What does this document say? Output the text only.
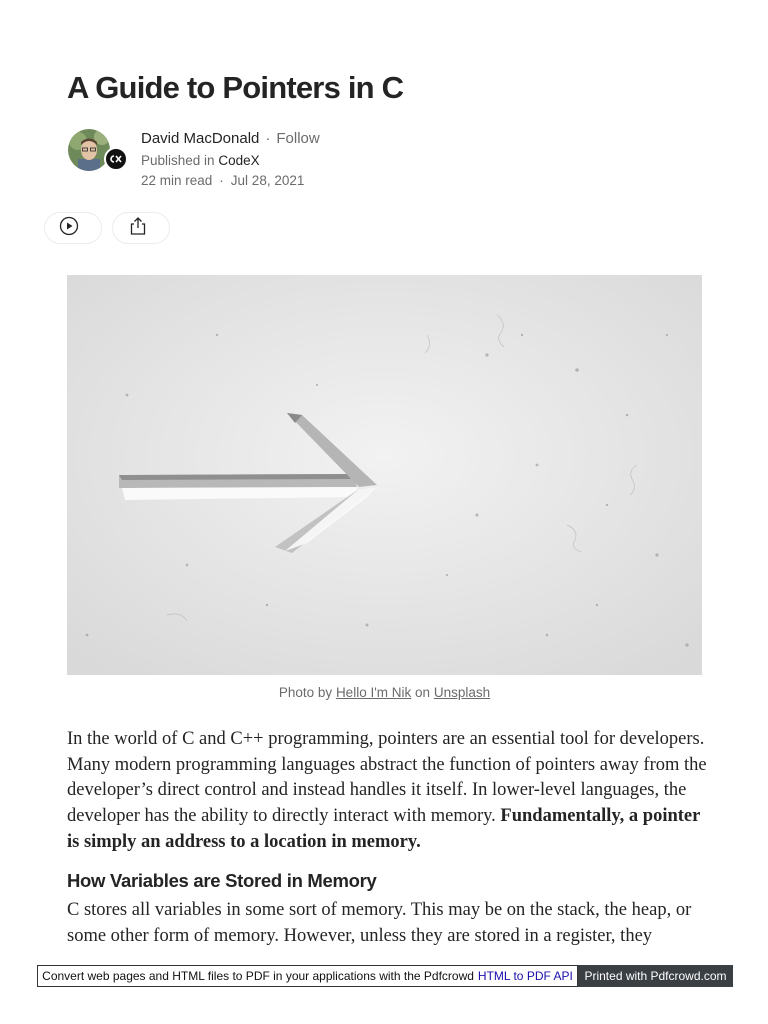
A Guide to Pointers in C
David MacDonald · Follow
Published in CodeX
22 min read · Jul 28, 2021
Photo by Hello I'm Nik on Unsplash

In the world of C and C++ programming, pointers are an essential tool for developers. Many modern programming languages abstract the function of pointers away from the developer’s direct control and instead handles it itself. In lower-level languages, the developer has the ability to directly interact with memory. Fundamentally, a pointer is simply an address to a location in memory.

How Variables are Stored in Memory

C stores all variables in some sort of memory. This may be on the stack, the heap, or some other form of memory. However, unless they are stored in a register, they

Convert web pages and HTML files to PDF in your applications with the Pdfcrowd HTML to PDF API Printed with Pdfcrowd.com
